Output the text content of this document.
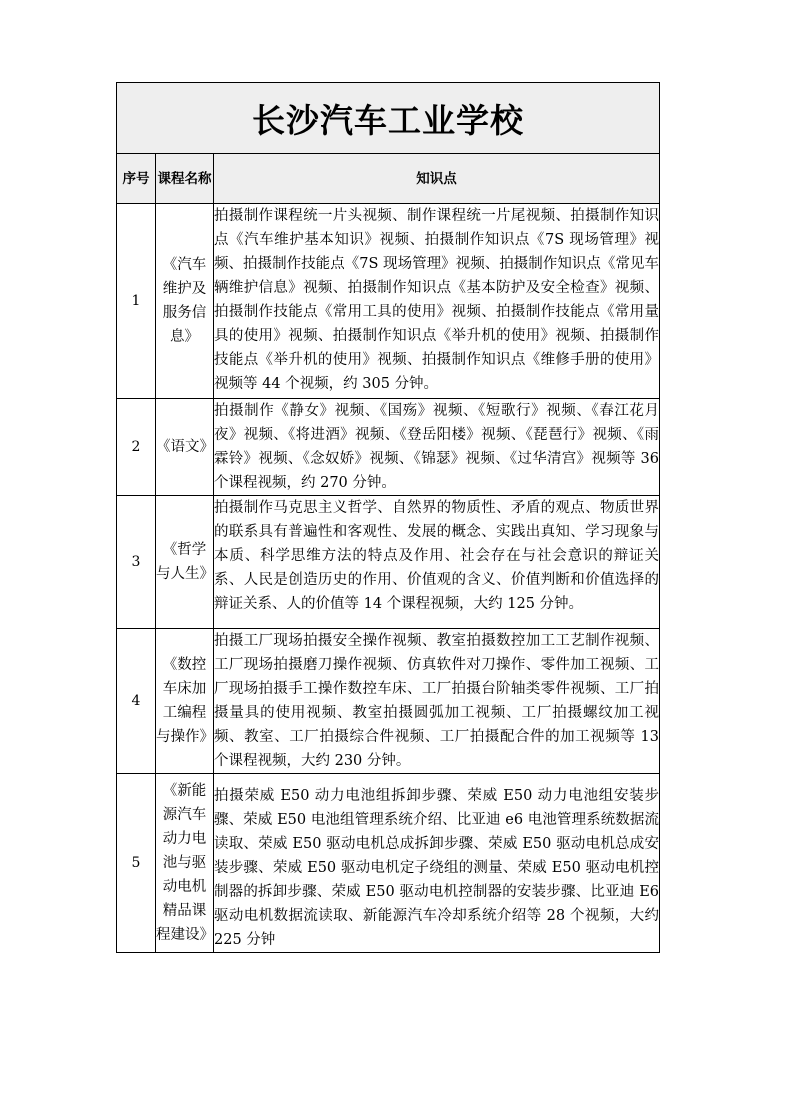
长沙汽车工业学校		
序号	课程名称	知识点
1	《汽车维护及服务信息》	拍摄制作课程统一片头视频、制作课程统一片尾视频、拍摄制作知识点《汽车维护基本知识》视频、拍摄制作知识点《7S 现场管理》视频、拍摄制作技能点《7S 现场管理》视频、拍摄制作知识点《常见车辆维护信息》视频、拍摄制作知识点《基本防护及安全检查》视频、拍摄制作技能点《常用工具的使用》视频、拍摄制作技能点《常用量具的使用》视频、拍摄制作知识点《举升机的使用》视频、拍摄制作技能点《举升机的使用》视频、拍摄制作知识点《维修手册的使用》视频等 44 个视频，约 305 分钟。
2	《语文》	拍摄制作《静女》视频、《国殇》视频、《短歌行》视频、《春江花月夜》视频、《将进酒》视频、《登岳阳楼》视频、《琵琶行》视频、《雨霖铃》视频、《念奴娇》视频、《锦瑟》视频、《过华清宫》视频等 36 个课程视频，约 270 分钟。
3	《哲学与人生》	拍摄制作马克思主义哲学、自然界的物质性、矛盾的观点、物质世界的联系具有普遍性和客观性、发展的概念、实践出真知、学习现象与本质、科学思维方法的特点及作用、社会存在与社会意识的辩证关系、人民是创造历史的作用、价值观的含义、价值判断和价值选择的辩证关系、人的价值等 14 个课程视频，大约 125 分钟。
4	《数控车床加工编程与操作》	拍摄工厂现场拍摄安全操作视频、教室拍摄数控加工工艺制作视频、工厂现场拍摄磨刀操作视频、仿真软件对刀操作、零件加工视频、工厂现场拍摄手工操作数控车床、工厂拍摄台阶轴类零件视频、工厂拍摄量具的使用视频、教室拍摄圆弧加工视频、工厂拍摄螺纹加工视频、教室、工厂拍摄综合件视频、工厂拍摄配合件的加工视频等 13 个课程视频，大约 230 分钟。
5	《新能源汽车动力电池与驱动电机精品课程建设》	拍摄荣威 E50 动力电池组拆卸步骤、荣威 E50 动力电池组安装步骤、荣威 E50 电池组管理系统介绍、比亚迪 e6 电池管理系统数据流读取、荣威 E50 驱动电机总成拆卸步骤、荣威 E50 驱动电机总成安装步骤、荣威 E50 驱动电机定子绕组的测量、荣威 E50 驱动电机控制器的拆卸步骤、荣威 E50 驱动电机控制器的安装步骤、比亚迪 E6 驱动电机数据流读取、新能源汽车冷却系统介绍等 28 个视频，大约 225 分钟
